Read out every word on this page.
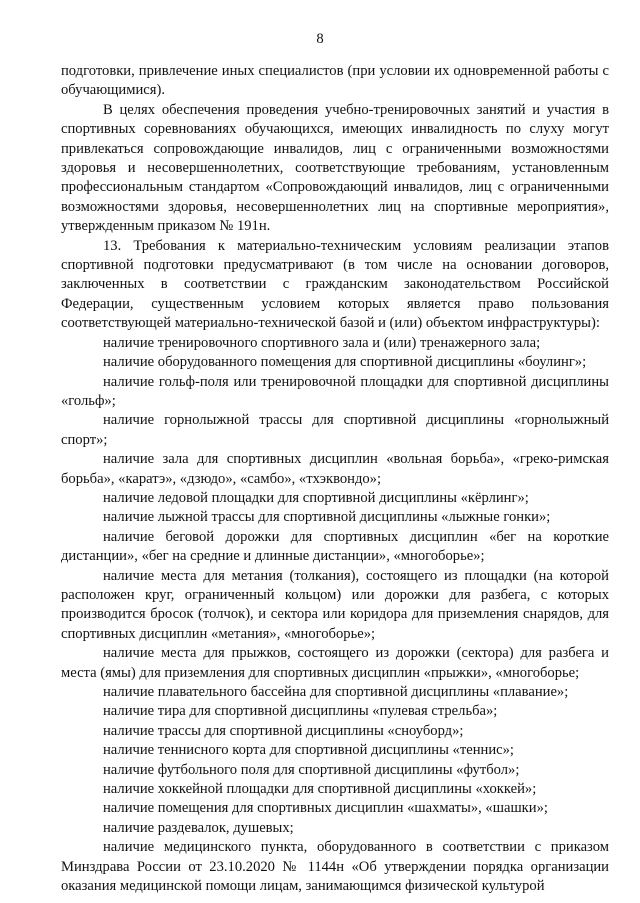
8

подготовки, привлечение иных специалистов (при условии их одновременной работы с обучающимися).

В целях обеспечения проведения учебно-тренировочных занятий и участия в спортивных соревнованиях обучающихся, имеющих инвалидность по слуху могут привлекаться сопровождающие инвалидов, лиц с ограниченными возможностями здоровья и несовершеннолетних, соответствующие требованиям, установленным профессиональным стандартом «Сопровождающий инвалидов, лиц с ограниченными возможностями здоровья, несовершеннолетних лиц на спортивные мероприятия», утвержденным приказом № 191н.

13. Требования к материально-техническим условиям реализации этапов спортивной подготовки предусматривают (в том числе на основании договоров, заключенных в соответствии с гражданским законодательством Российской Федерации, существенным условием которых является право пользования соответствующей материально-технической базой и (или) объектом инфраструктуры):

наличие тренировочного спортивного зала и (или) тренажерного зала;

наличие оборудованного помещения для спортивной дисциплины «боулинг»;

наличие гольф-поля или тренировочной площадки для спортивной дисциплины «гольф»;

наличие горнолыжной трассы для спортивной дисциплины «горнолыжный спорт»;

наличие зала для спортивных дисциплин «вольная борьба», «греко-римская борьба», «каратэ», «дзюдо», «самбо», «тхэквондо»;

наличие ледовой площадки для спортивной дисциплины «кёрлинг»;

наличие лыжной трассы для спортивной дисциплины «лыжные гонки»;

наличие беговой дорожки для спортивных дисциплин «бег на короткие дистанции», «бег на средние и длинные дистанции», «многоборье»;

наличие места для метания (толкания), состоящего из площадки (на которой расположен круг, ограниченный кольцом) или дорожки для разбега, с которых производится бросок (толчок), и сектора или коридора для приземления снарядов, для спортивных дисциплин «метания», «многоборье»;

наличие места для прыжков, состоящего из дорожки (сектора) для разбега и места (ямы) для приземления для спортивных дисциплин «прыжки», «многоборье;

наличие плавательного бассейна для спортивной дисциплины «плавание»;

наличие тира для спортивной дисциплины «пулевая стрельба»;

наличие трассы для спортивной дисциплины «сноуборд»;

наличие теннисного корта для спортивной дисциплины «теннис»;

наличие футбольного поля для спортивной дисциплины «футбол»;

наличие хоккейной площадки для спортивной дисциплины «хоккей»;

наличие помещения для спортивных дисциплин «шахматы», «шашки»;

наличие раздевалок, душевых;

наличие медицинского пункта, оборудованного в соответствии с приказом Минздрава России от 23.10.2020 № 1144н «Об утверждении порядка организации оказания медицинской помощи лицам, занимающимся физической культурой
